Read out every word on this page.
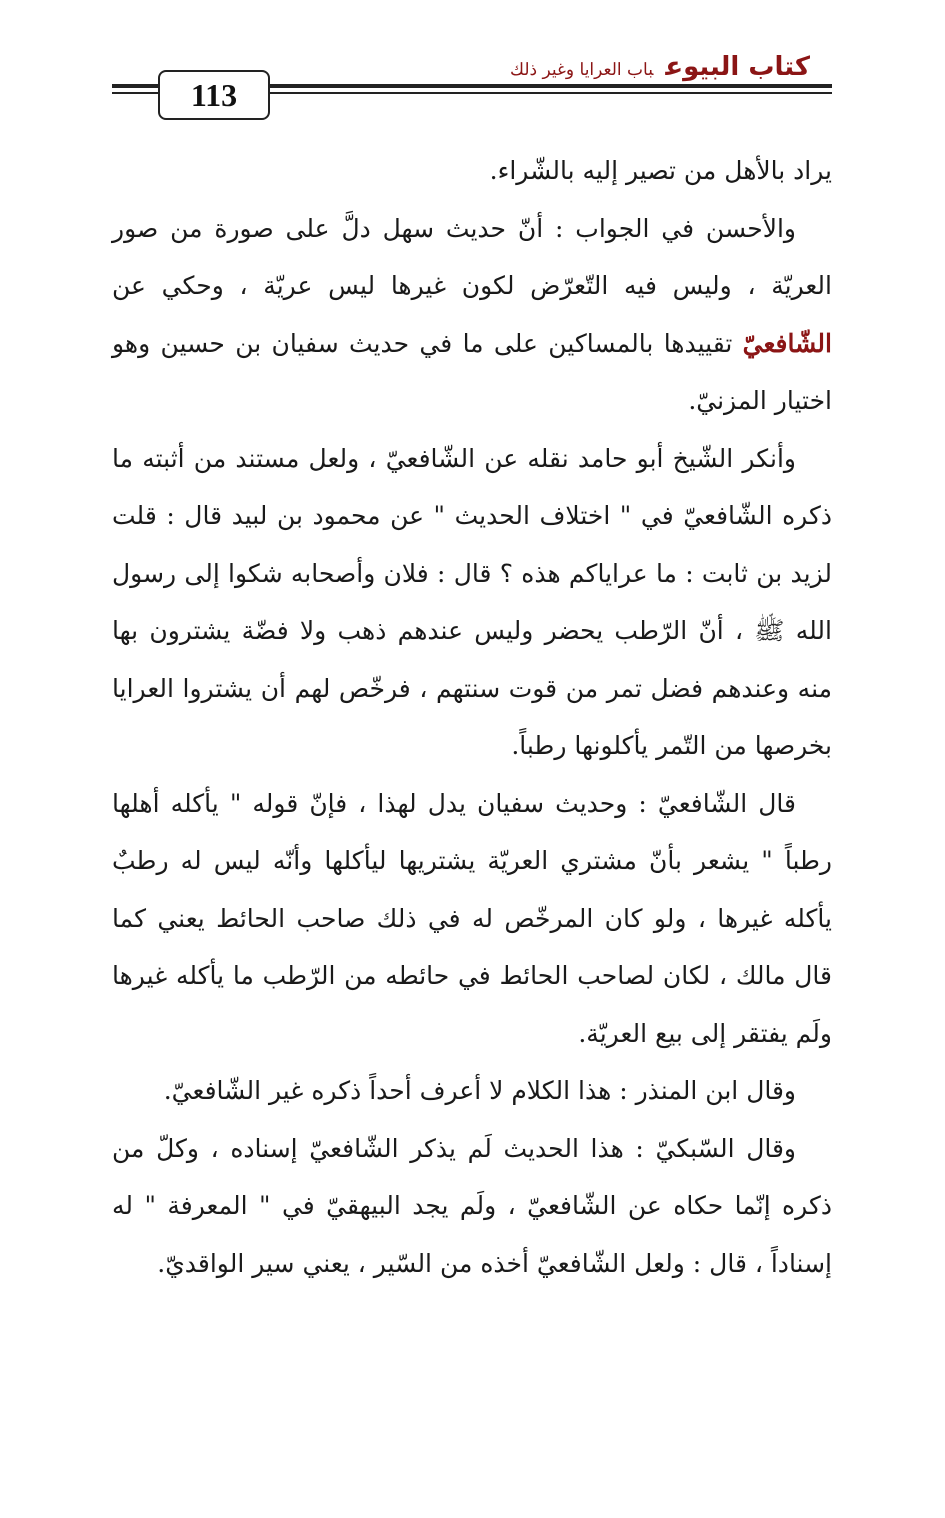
كتاب البيوعباب العرايا وغير ذلك
113

يراد بالأهل من تصير إليه بالشّراء.

والأحسن في الجواب : أنّ حديث سهل دلَّ على صورة من صور العريّة ، وليس فيه التّعرّض لكون غيرها ليس عريّة ، وحكي عن الشّافعيّ تقييدها بالمساكين على ما في حديث سفيان بن حسين وهو اختيار المزنيّ.

وأنكر الشّيخ أبو حامد نقله عن الشّافعيّ ، ولعل مستند من أثبته ما ذكره الشّافعيّ في " اختلاف الحديث " عن محمود بن لبيد قال : قلت لزيد بن ثابت : ما عراياكم هذه ؟ قال : فلان وأصحابه شكوا إلى رسول الله ﷺ ، أنّ الرّطب يحضر وليس عندهم ذهب ولا فضّة يشترون بها منه وعندهم فضل تمر من قوت سنتهم ، فرخّص لهم أن يشتروا العرايا بخرصها من التّمر يأكلونها رطباً.

قال الشّافعيّ : وحديث سفيان يدل لهذا ، فإنّ قوله " يأكله أهلها رطباً " يشعر بأنّ مشتري العريّة يشتريها ليأكلها وأنّه ليس له رطبٌ يأكله غيرها ، ولو كان المرخّص له في ذلك صاحب الحائط يعني كما قال مالك ، لكان لصاحب الحائط في حائطه من الرّطب ما يأكله غيرها ولَم يفتقر إلى بيع العريّة.

وقال ابن المنذر : هذا الكلام لا أعرف أحداً ذكره غير الشّافعيّ.

وقال السّبكيّ : هذا الحديث لَم يذكر الشّافعيّ إسناده ، وكلّ من ذكره إنّما حكاه عن الشّافعيّ ، ولَم يجد البيهقيّ في " المعرفة " له إسناداً ، قال : ولعل الشّافعيّ أخذه من السّير ، يعني سير الواقديّ.
